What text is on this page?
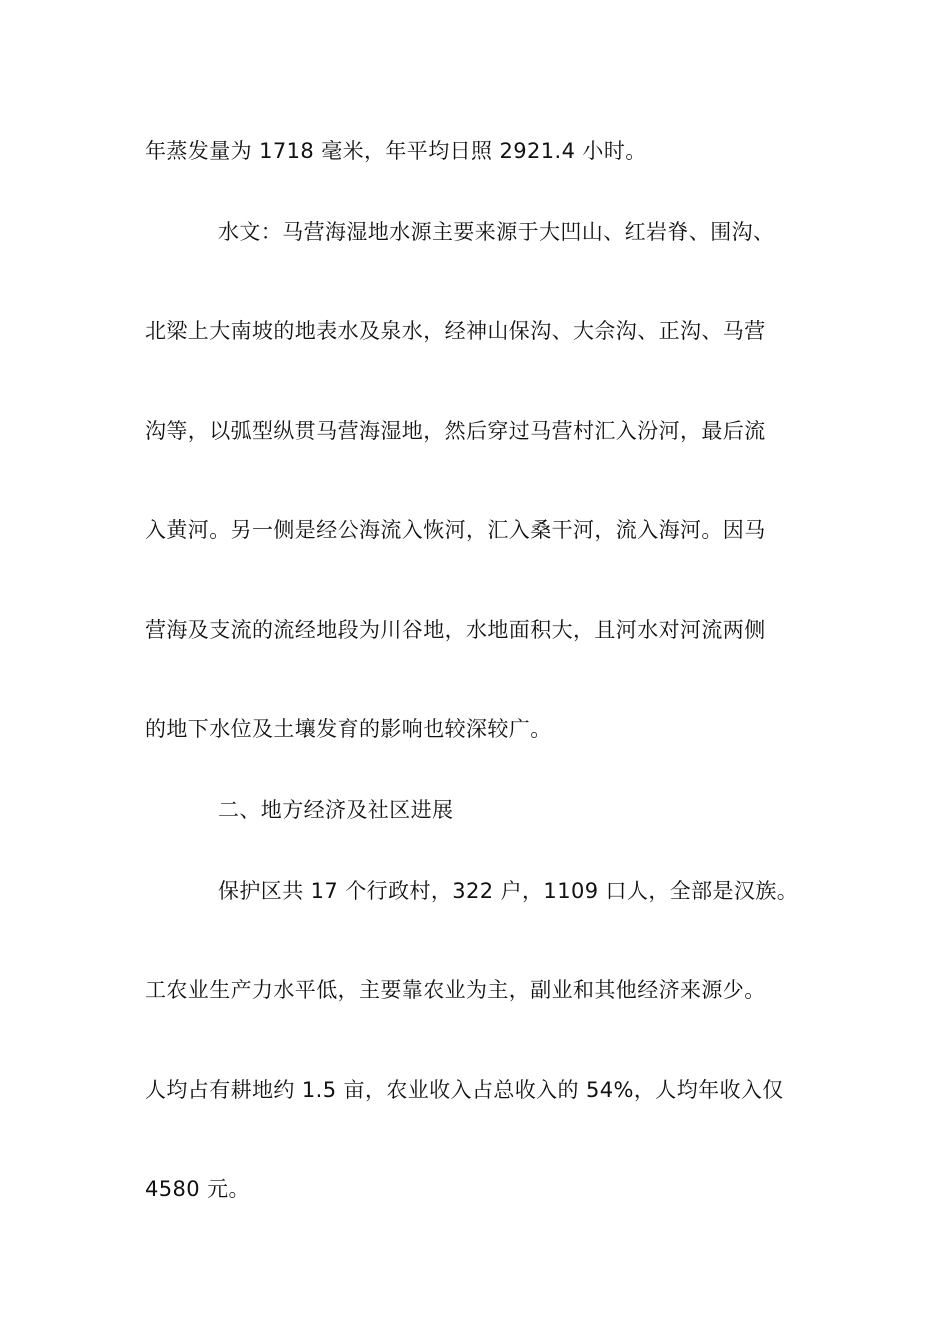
年蒸发量为 1718 毫米，年平均日照 2921.4 小时。
水文：马营海湿地水源主要来源于大凹山、红岩脊、围沟、
北梁上大南坡的地表水及泉水，经神山保沟、大佘沟、正沟、马营
沟等，以弧型纵贯马营海湿地，然后穿过马营村汇入汾河，最后流
入黄河。另一侧是经公海流入恢河，汇入桑干河，流入海河。因马
营海及支流的流经地段为川谷地，水地面积大，且河水对河流两侧
的地下水位及土壤发育的影响也较深较广。
二、地方经济及社区进展
保护区共 17 个行政村，322 户，1109 口人，全部是汉族。
工农业生产力水平低，主要靠农业为主，副业和其他经济来源少。
人均占有耕地约 1.5 亩，农业收入占总收入的 54%，人均年收入仅
4580 元。
